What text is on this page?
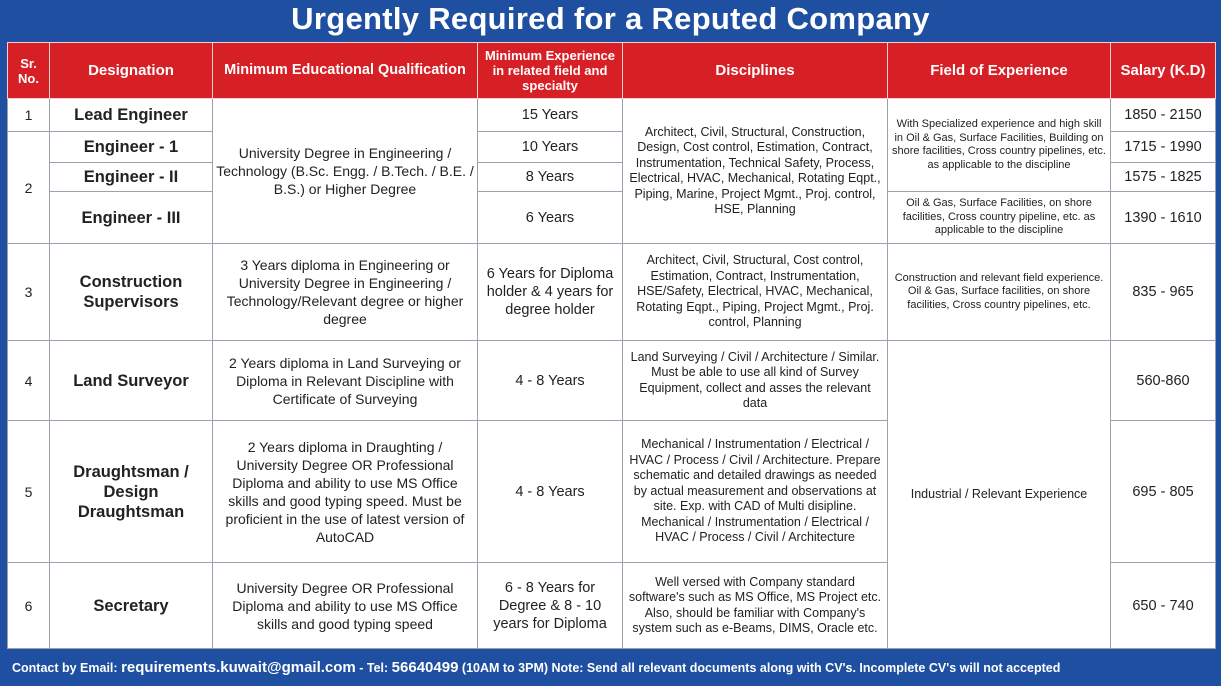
Urgently Required for a Reputed Company
Sr. No.	Designation	Minimum Educational Qualification	Minimum Experience in related field and specialty	Disciplines	Field of Experience	Salary (K.D)
1	Lead Engineer	University Degree in Engineering / Technology (B.Sc. Engg. / B.Tech. / B.E. / B.S.) or Higher Degree	15 Years	Architect, Civil, Structural, Construction, Design, Cost control, Estimation, Contract, Instrumentation, Technical Safety, Process, Electrical, HVAC, Mechanical, Rotating Eqpt., Piping, Marine, Project Mgmt., Proj. control, HSE, Planning	With Specialized experience and high skill in Oil & Gas, Surface Facilities, Building on shore facilities, Cross country pipelines, etc. as applicable to the discipline	1850 - 2150
2	Engineer - 1		10 Years			1715 - 1990
	Engineer - II		8 Years			1575 - 1825
	Engineer - III		6 Years		Oil & Gas, Surface Facilities, on shore facilities, Cross country pipeline, etc. as applicable to the discipline	1390 - 1610
3	Construction Supervisors	3 Years diploma in Engineering or University Degree in Engineering / Technology/Relevant degree or higher degree	6 Years for Diploma holder & 4 years for degree holder	Architect, Civil, Structural, Cost control, Estimation, Contract, Instrumentation, HSE/Safety, Electrical, HVAC, Mechanical, Rotating Eqpt., Piping, Project Mgmt., Proj. control, Planning	Construction and relevant field experience. Oil & Gas, Surface facilities, on shore facilities, Cross country pipelines, etc.	835 - 965
4	Land Surveyor	2 Years diploma in Land Surveying or Diploma in Relevant Discipline with Certificate of Surveying	4 - 8 Years	Land Surveying / Civil / Architecture / Similar. Must be able to use all kind of Survey Equipment, collect and asses the relevant data	Industrial / Relevant Experience	560-860
5	Draughtsman / Design Draughtsman	2 Years diploma in Draughting / University Degree OR Professional Diploma and ability to use MS Office skills and good typing speed. Must be proficient in the use of latest version of AutoCAD	4 - 8 Years	Mechanical / Instrumentation / Electrical / HVAC / Process / Civil / Architecture. Prepare schematic and detailed drawings as needed by actual measurement and observations at site. Exp. with CAD of Multi disipline. Mechanical / Instrumentation / Electrical / HVAC / Process / Civil / Architecture		695 - 805
6	Secretary	University Degree OR Professional Diploma and ability to use MS Office skills and good typing speed	6 - 8 Years for Degree & 8 - 10 years for Diploma	Well versed with Company standard software's such as MS Office, MS Project etc. Also, should be familiar with Company's system such as e-Beams, DIMS, Oracle etc.		650 - 740
Contact by Email: requirements.kuwait@gmail.com - Tel: 56640499 (10AM to 3PM) Note: Send all relevant documents along with CV's. Incomplete CV's will not accepted
